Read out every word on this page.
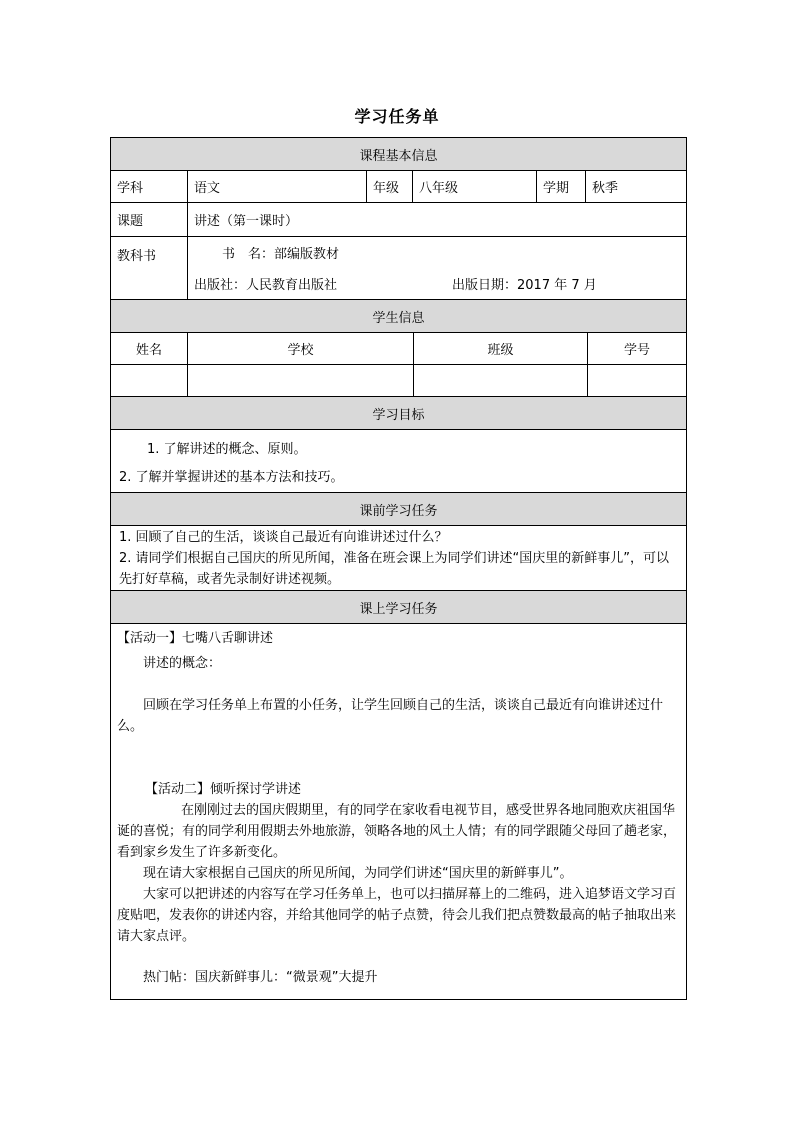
学习任务单
课程基本信息
学科	语文	年级	八年级	学期	秋季
课题	讲述（第一课时）
教科书	书　名：部编版教材
出版社：人民教育出版社	出版日期：2017 年 7 月
学生信息
姓名	学校	班级	学号
学习目标
1. 了解讲述的概念、原则。
2. 了解并掌握讲述的基本方法和技巧。
课前学习任务
1. 回顾了自己的生活，谈谈自己最近有向谁讲述过什么？
2. 请同学们根据自己国庆的所见所闻，准备在班会课上为同学们讲述“国庆里的新鲜事儿”，可以先打好草稿，或者先录制好讲述视频。
课上学习任务
【活动一】七嘴八舌聊讲述
讲述的概念：
回顾在学习任务单上布置的小任务，让学生回顾自己的生活，谈谈自己最近有向谁讲述过什么。
【活动二】倾听探讨学讲述
在刚刚过去的国庆假期里，有的同学在家收看电视节目，感受世界各地同胞欢庆祖国华诞的喜悦；有的同学利用假期去外地旅游，领略各地的风土人情；有的同学跟随父母回了趟老家，看到家乡发生了许多新变化。
现在请大家根据自己国庆的所见所闻，为同学们讲述“国庆里的新鲜事儿”。
大家可以把讲述的内容写在学习任务单上，也可以扫描屏幕上的二维码，进入追梦语文学习百度贴吧，发表你的讲述内容，并给其他同学的帖子点赞，待会儿我们把点赞数最高的帖子抽取出来请大家点评。
热门帖：国庆新鲜事儿：“微景观”大提升
